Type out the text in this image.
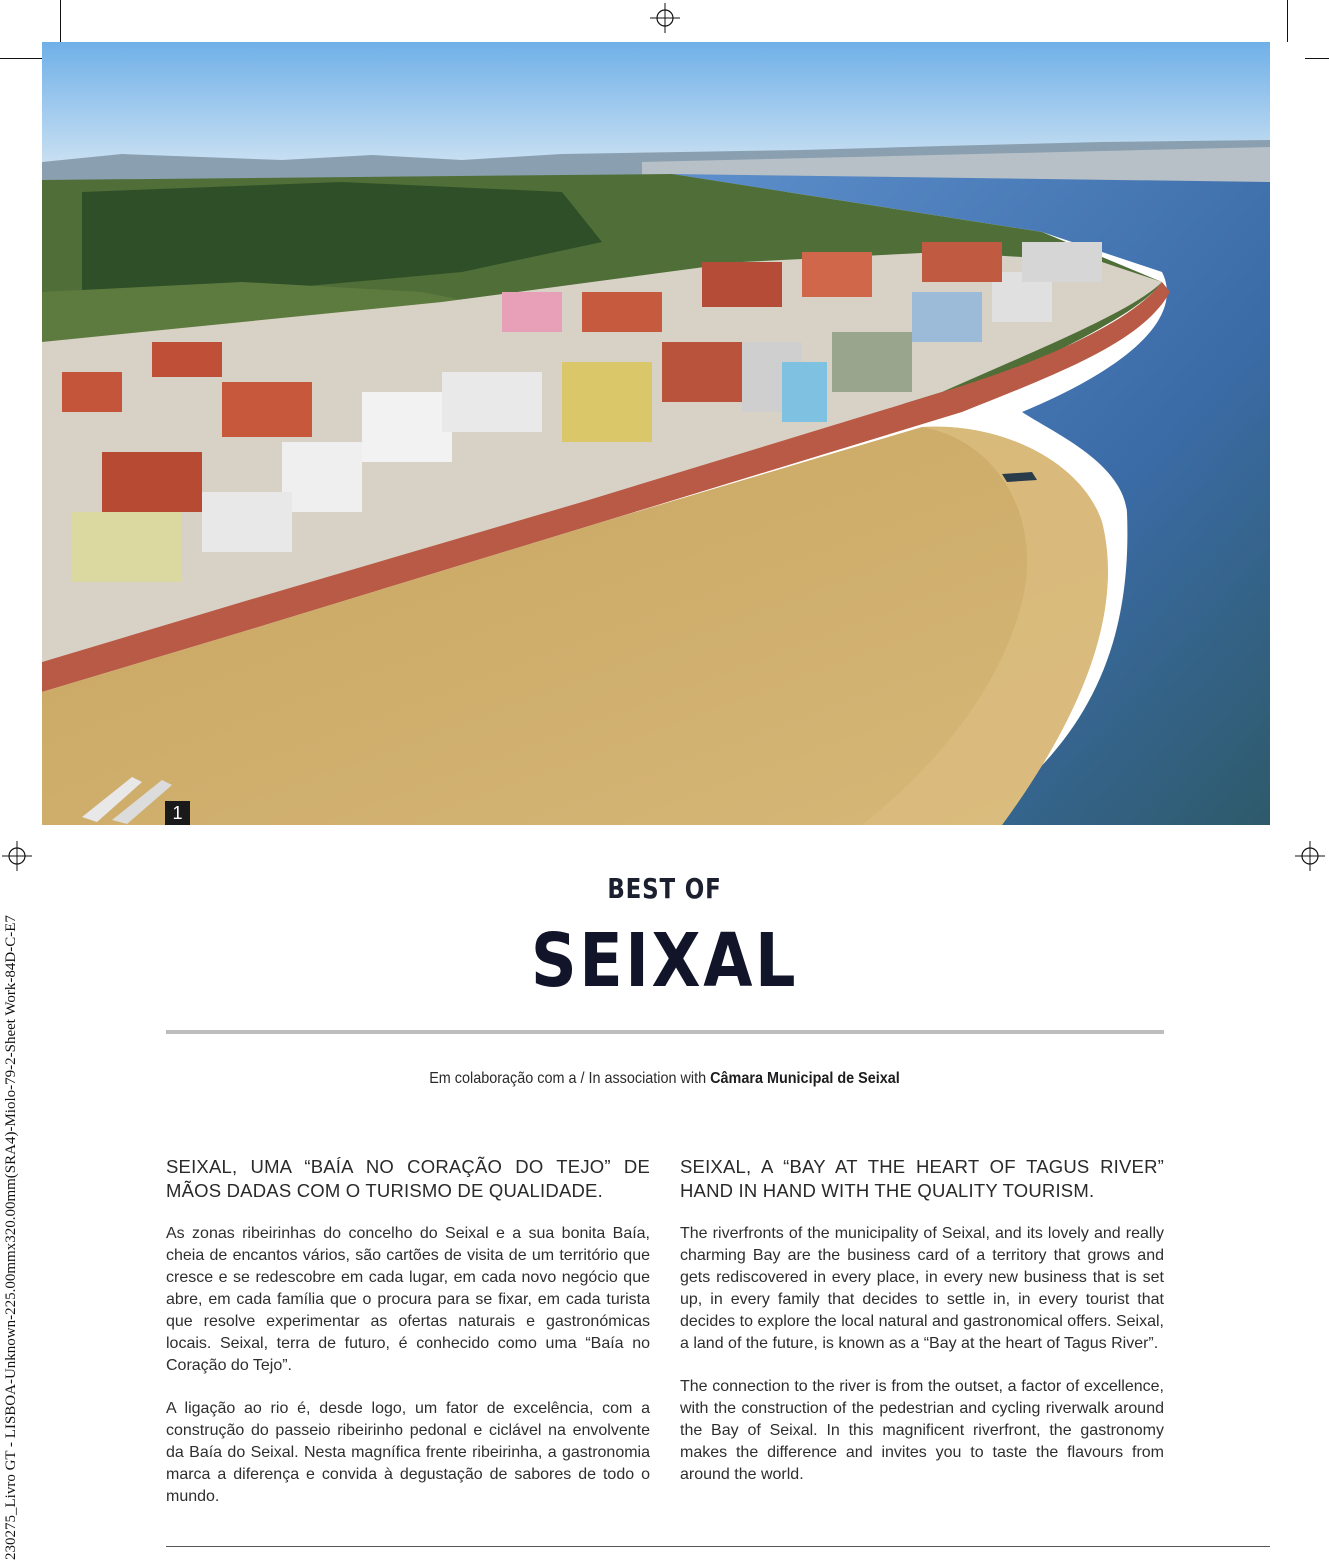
230275_Livro GT - LISBOA-Unknown-225.00mmx320.00mm(SRA4)-Miolo-79-2-Sheet Work-84D-C-E7
1
BEST OF
SEIXAL
Em colaboração com a / In association with Câmara Municipal de Seixal
SEIXAL, UMA “BAÍA NO CORAÇÃO DO TEJO” DE MÃOS DADAS COM O TURISMO DE QUALIDADE.

As zonas ribeirinhas do concelho do Seixal e a sua bonita Baía, cheia de encantos vários, são cartões de visita de um território que cresce e se redescobre em cada lugar, em cada novo negócio que abre, em cada família que o procura para se fixar, em cada turista que resolve experimentar as ofertas naturais e gastronómicas locais. Seixal, terra de futuro, é conhecido como uma “Baía no Coração do Tejo”.

A ligação ao rio é, desde logo, um fator de excelência, com a construção do passeio ribeirinho pedonal e ciclável na envolvente da Baía do Seixal. Nesta magnífica frente ribeirinha, a gastronomia marca a diferença e convida à degustação de sabores de todo o mundo.

SEIXAL, A “BAY AT THE HEART OF TAGUS RIVER” HAND IN HAND WITH THE QUALITY TOURISM.

The riverfronts of the municipality of Seixal, and its lovely and really charming Bay are the business card of a territory that grows and gets rediscovered in every place, in every new business that is set up, in every family that decides to settle in, in every tourist that decides to explore the local natural and gastronomical offers. Seixal, a land of the future, is known as a “Bay at the heart of Tagus River”.

The connection to the river is from the outset, a factor of excellence, with the construction of the pedestrian and cycling riverwalk around the Bay of Seixal. In this magnificent riverfront, the gastronomy makes the difference and invites you to taste the flavours from around the world.
